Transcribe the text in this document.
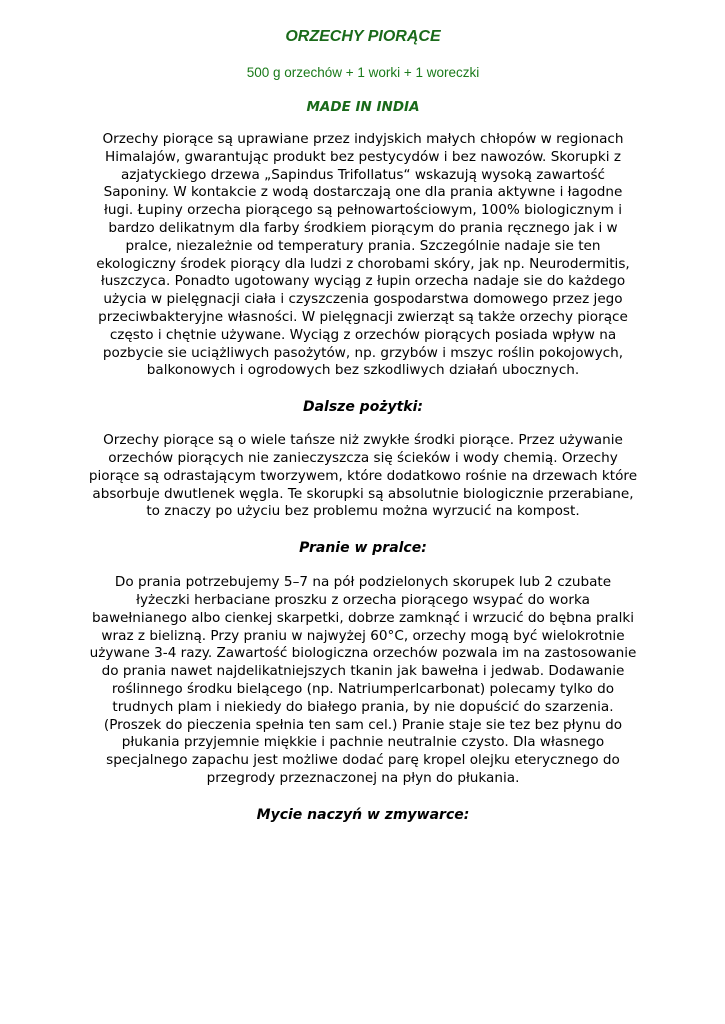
ORZECHY PIORĄCE
500 g orzechów + 1 worki + 1 woreczki
MADE IN INDIA

Orzechy piorące są uprawiane przez indyjskich małych chłopów w regionach Himalajów, gwarantując produkt bez pestycydów i bez nawozów. Skorupki z azjatyckiego drzewa „Sapindus Trifollatus“ wskazują wysoką zawartość Saponiny. W kontakcie z wodą dostarczają one dla prania aktywne i łagodne ługi. Łupiny orzecha piorącego są pełnowartościowym, 100% biologicznym i bardzo delikatnym dla farby środkiem piorącym do prania ręcznego jak i w pralce, niezależnie od temperatury prania. Szczególnie nadaje sie ten ekologiczny środek piorący dla ludzi z chorobami skóry, jak np. Neurodermitis, łuszczyca. Ponadto ugotowany wyciąg z łupin orzecha nadaje sie do każdego użycia w pielęgnacji ciała i czyszczenia gospodarstwa domowego przez jego przeciwbakteryjne własności. W pielęgnacji zwierząt są także orzechy piorące często i chętnie używane. Wyciąg z orzechów piorących posiada wpływ na pozbycie sie uciążliwych pasożytów, np. grzybów i mszyc roślin pokojowych, balkonowych i ogrodowych bez szkodliwych działań ubocznych.

Dalsze pożytki:

Orzechy piorące są o wiele tańsze niż zwykłe środki piorące. Przez używanie orzechów piorących nie zanieczyszcza się ścieków i wody chemią. Orzechy piorące są odrastającym tworzywem, które dodatkowo rośnie na drzewach które absorbuje dwutlenek węgla. Te skorupki są absolutnie biologicznie przerabiane, to znaczy po użyciu bez problemu można wyrzucić na kompost.

Pranie w pralce:

Do prania potrzebujemy 5–7 na pół podzielonych skorupek lub 2 czubate łyżeczki herbaciane proszku z orzecha piorącego wsypać do worka bawełnianego albo cienkej skarpetki, dobrze zamknąć i wrzucić do bębna pralki wraz z bielizną. Przy praniu w najwyżej 60°C, orzechy mogą być wielokrotnie używane 3-4 razy. Zawartość biologiczna orzechów pozwala im na zastosowanie do prania nawet najdelikatniejszych tkanin jak bawełna i jedwab. Dodawanie roślinnego środku bielącego (np. Natriumperlcarbonat) polecamy tylko do trudnych plam i niekiedy do białego prania, by nie dopuścić do szarzenia. (Proszek do pieczenia spełnia ten sam cel.) Pranie staje sie tez bez płynu do płukania przyjemnie miękkie i pachnie neutralnie czysto. Dla własnego specjalnego zapachu jest możliwe dodać parę kropel olejku eterycznego do przegrody przeznaczonej na płyn do płukania.

Mycie naczyń w zmywarce:
